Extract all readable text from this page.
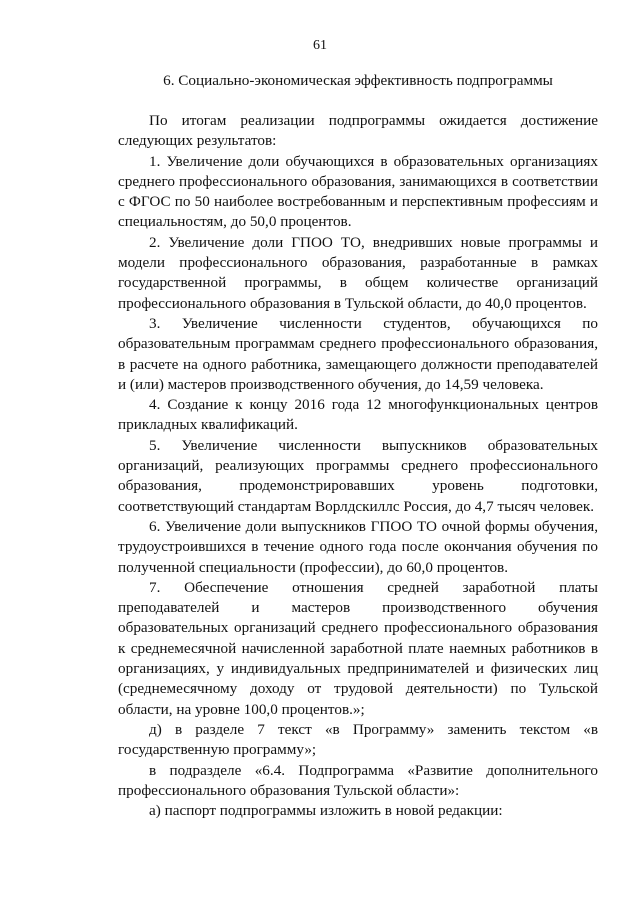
61
6. Социально-экономическая эффективность подпрограммы

По итогам реализации подпрограммы ожидается достижение следующих результатов:

1. Увеличение доли обучающихся в образовательных организациях среднего профессионального образования, занимающихся в соответствии с ФГОС по 50 наиболее востребованным и перспективным профессиям и специальностям, до 50,0 процентов.

2. Увеличение доли ГПОО ТО, внедривших новые программы и модели профессионального образования, разработанные в рамках государственной программы, в общем количестве организаций профессионального образования в Тульской области, до 40,0 процентов.

3. Увеличение численности студентов, обучающихся по образовательным программам среднего профессионального образования, в расчете на одного работника, замещающего должности преподавателей и (или) мастеров производственного обучения, до 14,59 человека.

4. Создание к концу 2016 года 12 многофункциональных центров прикладных квалификаций.

5. Увеличение численности выпускников образовательных организаций, реализующих программы среднего профессионального образования, продемонстрировавших уровень подготовки, соответствующий стандартам Ворлдскиллс Россия, до 4,7 тысяч человек.

6. Увеличение доли выпускников ГПОО ТО очной формы обучения, трудоустроившихся в течение одного года после окончания обучения по полученной специальности (профессии), до 60,0 процентов.

7. Обеспечение отношения средней заработной платы преподавателей и мастеров производственного обучения образовательных организаций среднего профессионального образования к среднемесячной начисленной заработной плате наемных работников в организациях, у индивидуальных предпринимателей и физических лиц (среднемесячному доходу от трудовой деятельности) по Тульской области, на уровне 100,0 процентов.»;

д) в разделе 7 текст «в Программу» заменить текстом «в государственную программу»;

в подразделе «6.4. Подпрограмма «Развитие дополнительного профессионального образования Тульской области»:

а) паспорт подпрограммы изложить в новой редакции:
